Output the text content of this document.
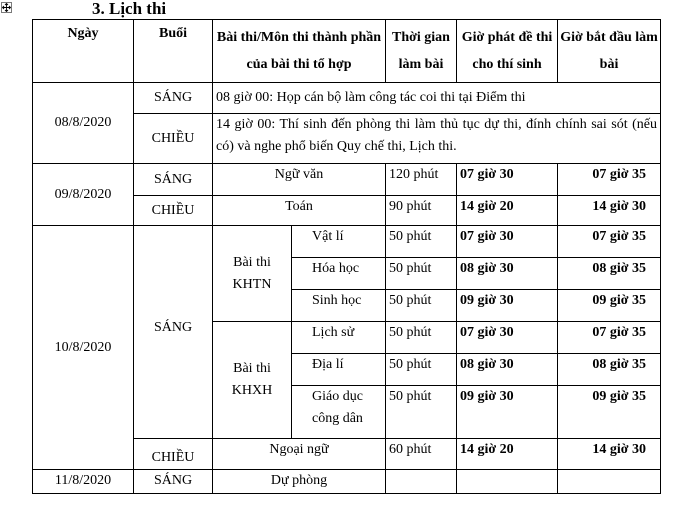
3. Lịch thi
Ngày	Buổi	Bài thi/Môn thi thành phần của bài thi tổ hợp		Thời gian làm bài	Giờ phát đề thi cho thí sinh	Giờ bắt đầu làm bài
08/8/2020	SÁNG	08 giờ 00: Họp cán bộ làm công tác coi thi tại Điểm thi				
	CHIỀU	14 giờ 00: Thí sinh đến phòng thi làm thủ tục dự thi, đính chính sai sót (nếu có) và nghe phổ biến Quy chế thi, Lịch thi.				
09/8/2020	SÁNG	Ngữ văn		120 phút	07 giờ 30	07 giờ 35
	CHIỀU	Toán		90 phút	14 giờ 20	14 giờ 30
10/8/2020	SÁNG	Bài thi KHTN	Vật lí	50 phút	07 giờ 30	07 giờ 35
			Hóa học	50 phút	08 giờ 30	08 giờ 35
			Sinh học	50 phút	09 giờ 30	09 giờ 35
		Bài thi KHXH	Lịch sử	50 phút	07 giờ 30	07 giờ 35
			Địa lí	50 phút	08 giờ 30	08 giờ 35
			Giáo dục công dân	50 phút	09 giờ 30	09 giờ 35
	CHIỀU	Ngoại ngữ		60 phút	14 giờ 20	14 giờ 30
11/8/2020	SÁNG	Dự phòng				
